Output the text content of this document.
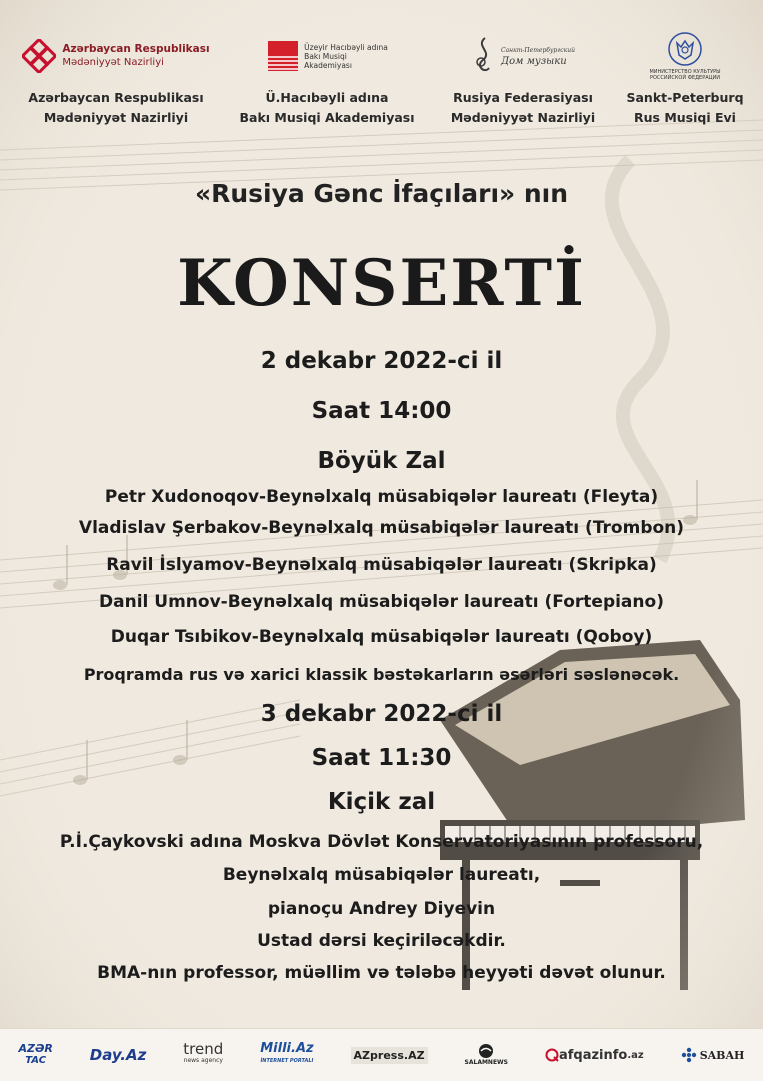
Azərbaycan Respublikası
Mədəniyyət Nazirliyi
Azərbaycan Respublikası
Mədəniyyət Nazirliyi
Üzeyir Hacıbəyli adına
Bakı Musiqi
Akademiyası
Ü.Hacıbəyli adına
Bakı Musiqi Akademiyası
Санкт-Петербургский
Дом музыки
Rusiya Federasiyası
Mədəniyyət Nazirliyi
МИНИСТЕРСТВО КУЛЬТУРЫ
РОССИЙСКОЙ ФЕДЕРАЦИИ
Sankt-Peterburq
Rus Musiqi Evi
«Rusiya Gənc İfaçıları» nın
KONSERTİ
2 dekabr 2022-ci il
Saat 14:00
Böyük Zal
Petr Xudonoqov-Beynəlxalq müsabiqələr laureatı (Fleyta)
Vladislav Şerbakov-Beynəlxalq müsabiqələr laureatı (Trombon)
Ravil İslyamov-Beynəlxalq müsabiqələr laureatı (Skripka)
Danil Umnov-Beynəlxalq müsabiqələr laureatı (Fortepiano)
Duqar Tsıbikov-Beynəlxalq müsabiqələr laureatı (Qoboy)
Proqramda rus və xarici klassik bəstəkarların əsərləri səslənəcək.
3 dekabr 2022-ci il
Saat 11:30
Kiçik zal
P.İ.Çaykovski adına Moskva Dövlət Konservatoriyasının professoru,
Beynəlxalq müsabiqələr laureatı,
pianoçu Andrey Diyevin
Ustad dərsi keçiriləcəkdir.
BMA-nın professor, müəllim və tələbə heyyəti dəvət olunur.
AZƏR
TAC	Day.Az trend
news agency
Milli.Az
İNTERNET PORTALI	AZpress.AZ
SALAMNEWS	afqazinfo .az	SABAH
